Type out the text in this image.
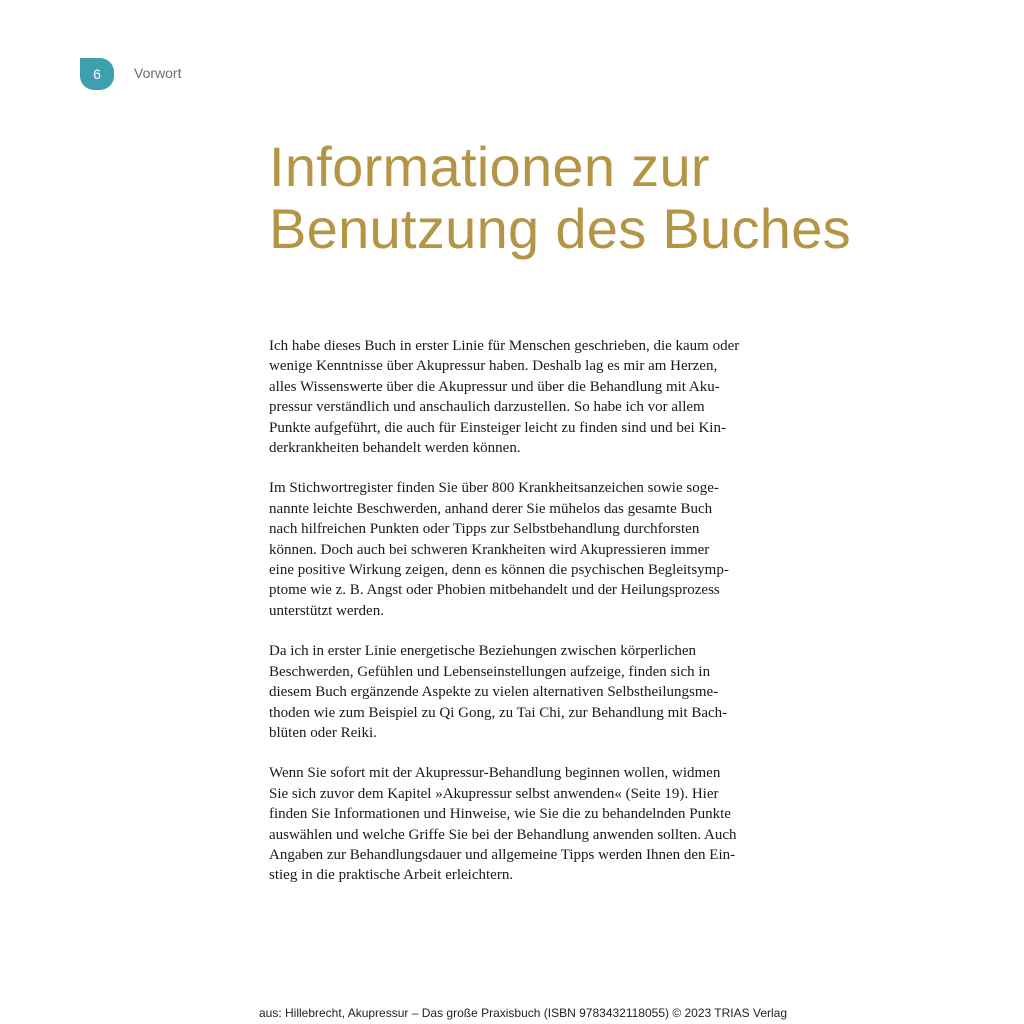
6 Vorwort
Informationen zur
Benutzung des Buches

Ich habe dieses Buch in erster Linie für Menschen geschrieben, die kaum oder
wenige Kenntnisse über Akupressur haben. Deshalb lag es mir am Herzen,
alles Wissenswerte über die Akupressur und über die Behandlung mit Aku-
pressur verständlich und anschaulich darzustellen. So habe ich vor allem
Punkte aufgeführt, die auch für Einsteiger leicht zu finden sind und bei Kin-
derkrankheiten behandelt werden können.

Im Stichwortregister finden Sie über 800 Krankheitsanzeichen sowie soge-
nannte leichte Beschwerden, anhand derer Sie mühelos das gesamte Buch
nach hilfreichen Punkten oder Tipps zur Selbstbehandlung durchforsten
können. Doch auch bei schweren Krankheiten wird Akupressieren immer
eine positive Wirkung zeigen, denn es können die psychischen Begleitsymp-
ptome wie z. B. Angst oder Phobien mitbehandelt und der Heilungsprozess
unterstützt werden.

Da ich in erster Linie energetische Beziehungen zwischen körperlichen
Beschwerden, Gefühlen und Lebenseinstellungen aufzeige, finden sich in
diesem Buch ergänzende Aspekte zu vielen alternativen Selbstheilungsme-
thoden wie zum Beispiel zu Qi Gong, zu Tai Chi, zur Behandlung mit Bach-
blüten oder Reiki.

Wenn Sie sofort mit der Akupressur-Behandlung beginnen wollen, widmen
Sie sich zuvor dem Kapitel »Akupressur selbst anwenden« (Seite 19). Hier
finden Sie Informationen und Hinweise, wie Sie die zu behandelnden Punkte
auswählen und welche Griffe Sie bei der Behandlung anwenden sollten. Auch
Angaben zur Behandlungsdauer und allgemeine Tipps werden Ihnen den Ein-
stieg in die praktische Arbeit erleichtern.

aus: Hillebrecht, Akupressur – Das große Praxisbuch (ISBN 9783432118055) © 2023 TRIAS Verlag
